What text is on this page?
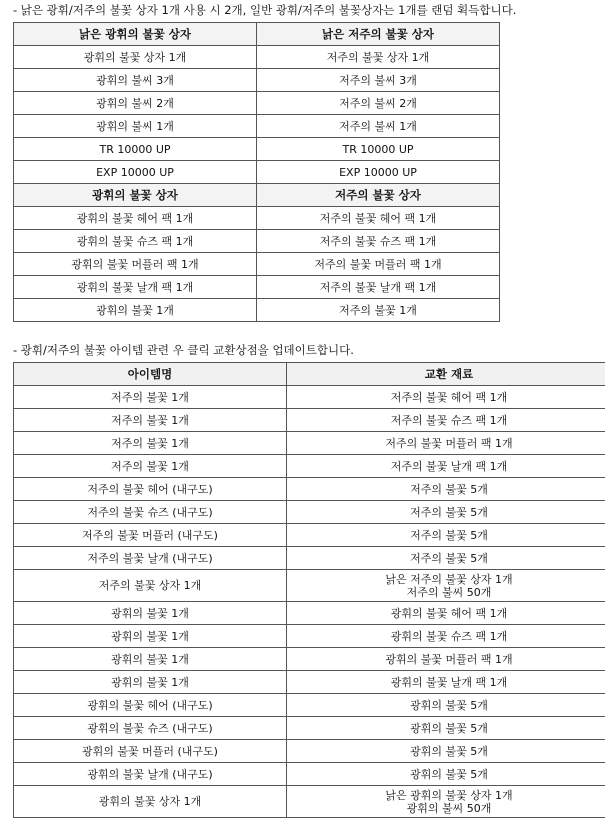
- 낡은 광휘/저주의 불꽃 상자 1개 사용 시 2개, 일반 광휘/저주의 불꽃상자는 1개를 랜덤 획득합니다.
낡은 광휘의 불꽃 상자	낡은 저주의 불꽃 상자
광휘의 불꽃 상자 1개	저주의 불꽃 상자 1개
광휘의 불씨 3개	저주의 불씨 3개
광휘의 불씨 2개	저주의 불씨 2개
광휘의 불씨 1개	저주의 불씨 1개
TR 10000 UP	TR 10000 UP
EXP 10000 UP	EXP 10000 UP
광휘의 불꽃 상자	저주의 불꽃 상자
광휘의 불꽃 헤어 팩 1개	저주의 불꽃 헤어 팩 1개
광휘의 불꽃 슈즈 팩 1개	저주의 불꽃 슈즈 팩 1개
광휘의 불꽃 머플러 팩 1개	저주의 불꽃 머플러 팩 1개
광휘의 불꽃 날개 팩 1개	저주의 불꽃 날개 팩 1개
광휘의 불꽃 1개	저주의 불꽃 1개
- 광휘/저주의 불꽃 아이템 관련 우 클릭 교환상점을 업데이트합니다.
아이템명	교환 재료
저주의 불꽃 1개	저주의 불꽃 헤어 팩 1개

저주의 불꽃 1개	저주의 불꽃 슈즈 팩 1개

저주의 불꽃 1개	저주의 불꽃 머플러 팩 1개

저주의 불꽃 1개	저주의 불꽃 날개 팩 1개

저주의 불꽃 헤어 (내구도)	저주의 불꽃 5개

저주의 불꽃 슈즈 (내구도)	저주의 불꽃 5개

저주의 불꽃 머플러 (내구도)	저주의 불꽃 5개

저주의 불꽃 날개 (내구도)	저주의 불꽃 5개

저주의 불꽃 상자 1개	낡은 저주의 불꽃 상자 1개
저주의 불씨 50개

광휘의 불꽃 1개	광휘의 불꽃 헤어 팩 1개

광휘의 불꽃 1개	광휘의 불꽃 슈즈 팩 1개

광휘의 불꽃 1개	광휘의 불꽃 머플러 팩 1개

광휘의 불꽃 1개	광휘의 불꽃 날개 팩 1개

광휘의 불꽃 헤어 (내구도)	광휘의 불꽃 5개

광휘의 불꽃 슈즈 (내구도)	광휘의 불꽃 5개

광휘의 불꽃 머플러 (내구도)	광휘의 불꽃 5개

광휘의 불꽃 날개 (내구도)	광휘의 불꽃 5개

광휘의 불꽃 상자 1개	낡은 광휘의 불꽃 상자 1개
광휘의 불씨 50개
